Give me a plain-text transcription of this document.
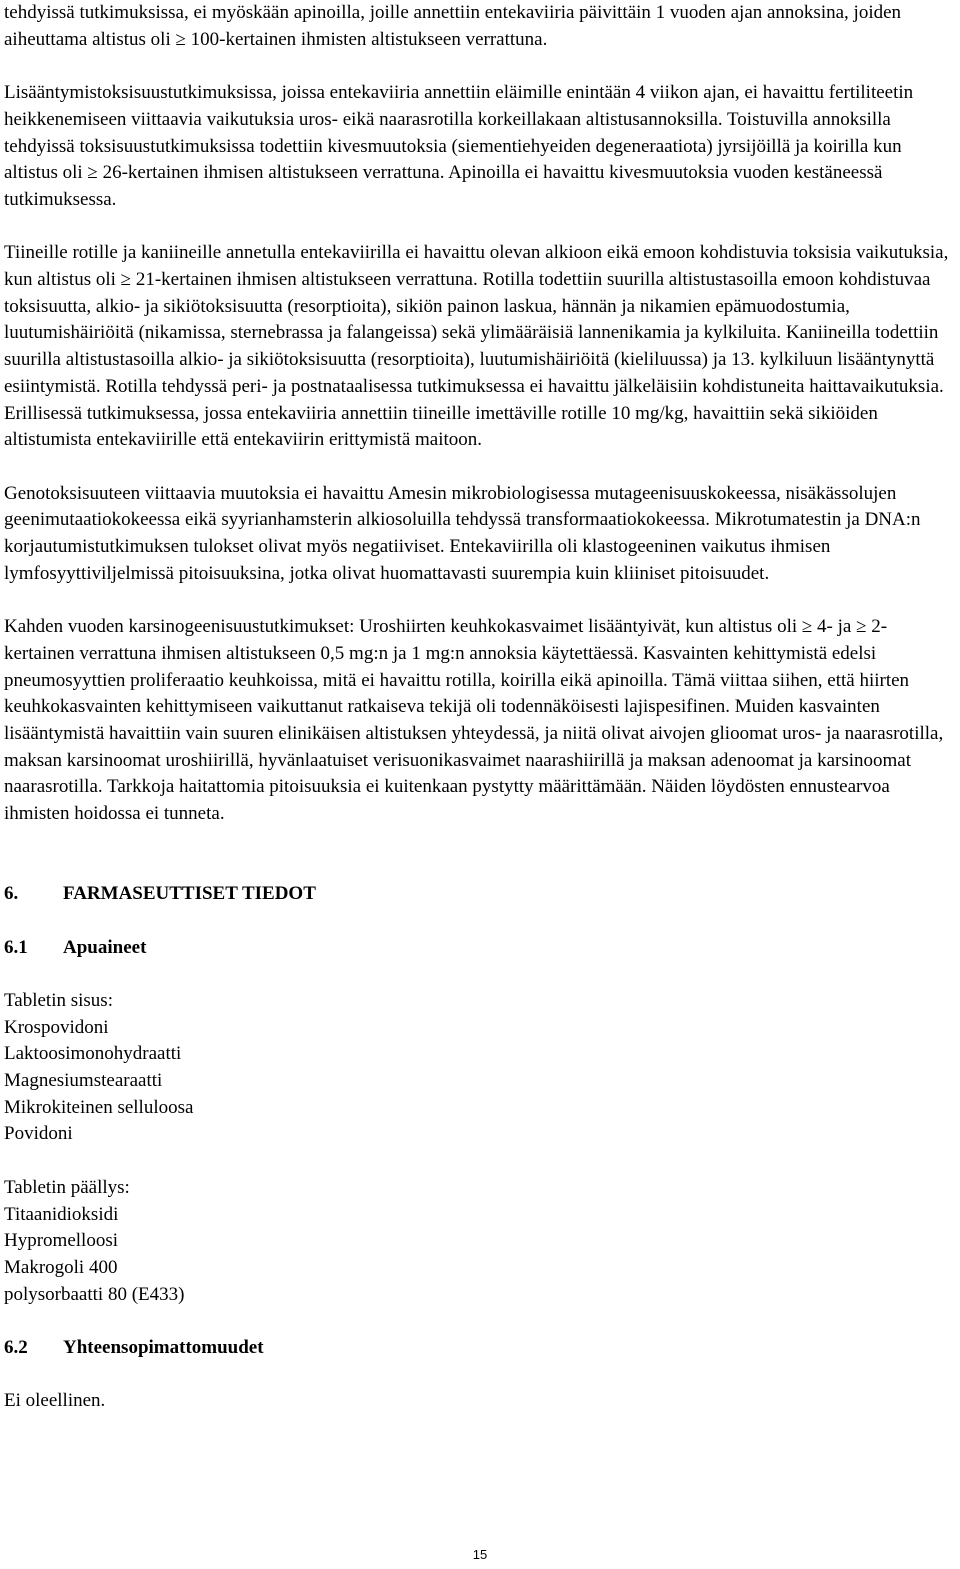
tehdyissä tutkimuksissa, ei myöskään apinoilla, joille annettiin entekaviiria päivittäin 1 vuoden ajan annoksina, joiden aiheuttama altistus oli ≥ 100-kertainen ihmisten altistukseen verrattuna.

Lisääntymistoksisuustutkimuksissa, joissa entekaviiria annettiin eläimille enintään 4 viikon ajan, ei havaittu fertiliteetin heikkenemiseen viittaavia vaikutuksia uros- eikä naarasrotilla korkeillakaan altistusannoksilla. Toistuvilla annoksilla tehdyissä toksisuustutkimuksissa todettiin kivesmuutoksia (siementiehyeiden degeneraatiota) jyrsijöillä ja koirilla kun altistus oli ≥ 26-kertainen ihmisen altistukseen verrattuna. Apinoilla ei havaittu kivesmuutoksia vuoden kestäneessä tutkimuksessa.

Tiineille rotille ja kaniineille annetulla entekaviirilla ei havaittu olevan alkioon eikä emoon kohdistuvia toksisia vaikutuksia, kun altistus oli ≥ 21-kertainen ihmisen altistukseen verrattuna. Rotilla todettiin suurilla altistustasoilla emoon kohdistuvaa toksisuutta, alkio- ja sikiötoksisuutta (resorptioita), sikiön painon laskua, hännän ja nikamien epämuodostumia, luutumishäiriöitä (nikamissa, sternebrassa ja falangeissa) sekä ylimääräisiä lannenikamia ja kylkiluita. Kaniineilla todettiin suurilla altistustasoilla alkio- ja sikiötoksisuutta (resorptioita), luutumishäiriöitä (kieliluussa) ja 13. kylkiluun lisääntynyttä esiintymistä. Rotilla tehdyssä peri- ja postnataalisessa tutkimuksessa ei havaittu jälkeläisiin kohdistuneita haittavaikutuksia. Erillisessä tutkimuksessa, jossa entekaviiria annettiin tiineille imettäville rotille 10 mg/kg, havaittiin sekä sikiöiden altistumista entekaviirille että entekaviirin erittymistä maitoon.

Genotoksisuuteen viittaavia muutoksia ei havaittu Amesin mikrobiologisessa mutageenisuuskokeessa, nisäkässolujen geenimutaatiokokeessa eikä syyrianhamsterin alkiosoluilla tehdyssä transformaatiokokeessa. Mikrotumatestin ja DNA:n korjautumistutkimuksen tulokset olivat myös negatiiviset. Entekaviirilla oli klastogeeninen vaikutus ihmisen lymfosyyttiviljelmissä pitoisuuksina, jotka olivat huomattavasti suurempia kuin kliiniset pitoisuudet.

Kahden vuoden karsinogeenisuustutkimukset: Uroshiirten keuhkokasvaimet lisääntyivät, kun altistus oli ≥ 4- ja ≥ 2-kertainen verrattuna ihmisen altistukseen 0,5 mg:n ja 1 mg:n annoksia käytettäessä. Kasvainten kehittymistä edelsi pneumosyyttien proliferaatio keuhkoissa, mitä ei havaittu rotilla, koirilla eikä apinoilla. Tämä viittaa siihen, että hiirten keuhkokasvainten kehittymiseen vaikuttanut ratkaiseva tekijä oli todennäköisesti lajispesifinen. Muiden kasvainten lisääntymistä havaittiin vain suuren elinikäisen altistuksen yhteydessä, ja niitä olivat aivojen glioomat uros- ja naarasrotilla, maksan karsinoomat uroshiirillä, hyvänlaatuiset verisuonikasvaimet naarashiirillä ja maksan adenoomat ja karsinoomat naarasrotilla. Tarkkoja haitattomia pitoisuuksia ei kuitenkaan pystytty määrittämään. Näiden löydösten ennustearvoa ihmisten hoidossa ei tunneta.

6.	FARMASEUTTISET TIEDOT
6.1	Apuaineet
Tabletin sisus:
Krospovidoni
Laktoosimonohydraatti
Magnesiumstearaatti
Mikrokiteinen selluloosa
Povidoni
Tabletin päällys:
Titaanidioksidi
Hypromelloosi
Makrogoli 400
polysorbaatti 80 (E433)
6.2	Yhteensopimattomuudet

Ei oleellinen.

15
